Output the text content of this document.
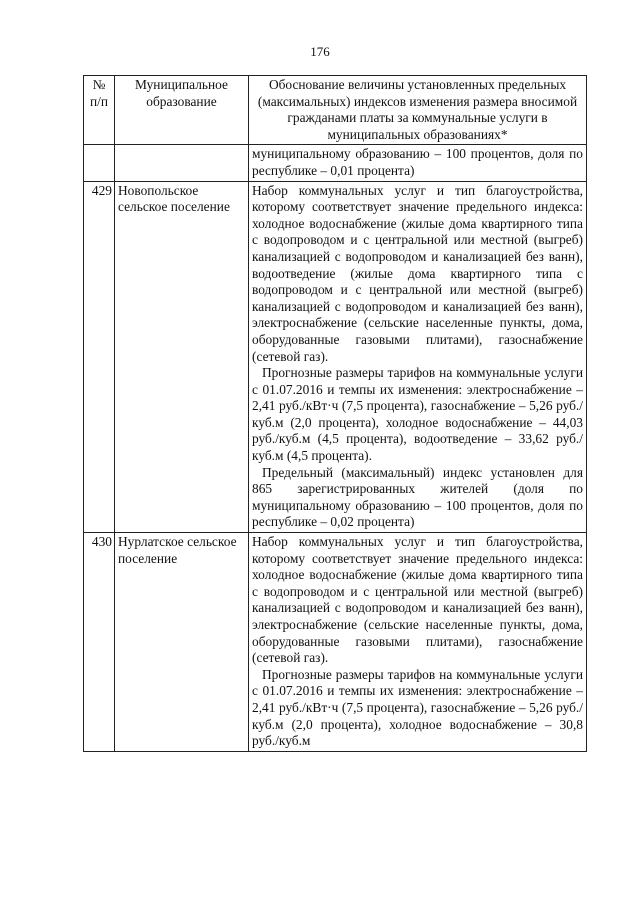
176
№ п/п	Муниципальное образование	Обоснование величины установленных предельных (максимальных) индексов изменения размера вносимой гражданами платы за коммунальные услуги в муниципальных образованиях*
		муниципальному образованию – 100 процентов, доля по республике – 0,01 процента)
429	Новопольское сельское поселение	Набор коммунальных услуг и тип благоустройства, которому соответствует значение предельного индекса: холодное водоснабжение (жилые дома квартирного типа с водопроводом и с центральной или местной (выгреб) канализацией с водопроводом и канализацией без ванн), водоотведение (жилые дома квартирного типа с водопроводом и с центральной или местной (выгреб) канализацией с водопроводом и канализацией без ванн), электроснабжение (сельские населенные пункты, дома, оборудованные газовыми плитами), газоснабжение (сетевой газ).
Прогнозные размеры тарифов на коммунальные услуги с 01.07.2016 и темпы их изменения: электроснабжение – 2,41 руб./кВт·ч (7,5 процента), газоснабжение – 5,26 руб./куб.м (2,0 процента), холодное водоснабжение – 44,03 руб./куб.м (4,5 процента), водоотведение – 33,62 руб./куб.м (4,5 процента).
Предельный (максимальный) индекс установлен для 865 зарегистрированных жителей (доля по муниципальному образованию – 100 процентов, доля по республике – 0,02 процента)

430	Нурлатское сельское поселение	Набор коммунальных услуг и тип благоустройства, которому соответствует значение предельного индекса: холодное водоснабжение (жилые дома квартирного типа с водопроводом и с центральной или местной (выгреб) канализацией с водопроводом и канализацией без ванн), электроснабжение (сельские населенные пункты, дома, оборудованные газовыми плитами), газоснабжение (сетевой газ).
Прогнозные размеры тарифов на коммунальные услуги с 01.07.2016 и темпы их изменения: электроснабжение – 2,41 руб./кВт·ч (7,5 процента), газоснабжение – 5,26 руб./куб.м (2,0 процента), холодное водоснабжение – 30,8 руб./куб.м
